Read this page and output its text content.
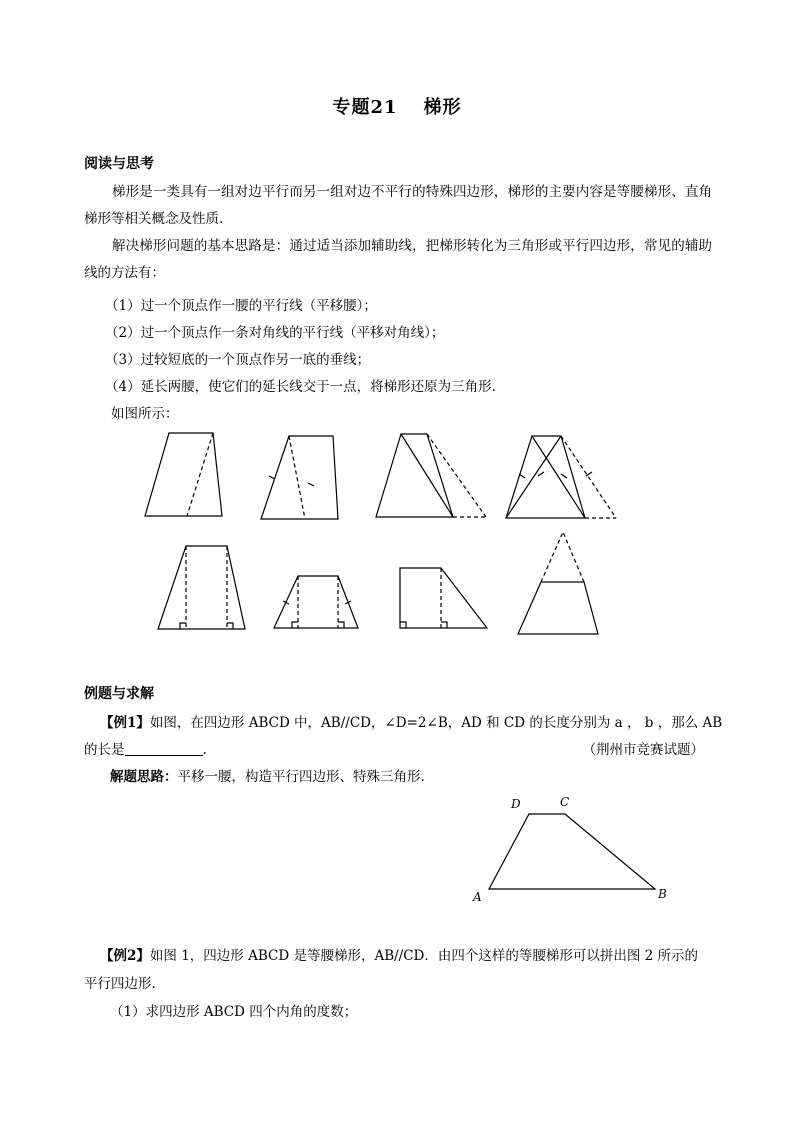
专题21 梯形
阅读与思考
梯形是一类具有一组对边平行而另一组对边不平行的特殊四边形，梯形的主要内容是等腰梯形、直角梯形等相关概念及性质.
解决梯形问题的基本思路是：通过适当添加辅助线，把梯形转化为三角形或平行四边形，常见的辅助线的方法有：
（1）过一个顶点作一腰的平行线（平移腰）；
（2）过一个顶点作一条对角线的平行线（平移对角线）；
（3）过较短底的一个顶点作另一底的垂线；
（4）延长两腰，使它们的延长线交于一点，将梯形还原为三角形.
如图所示：
例题与求解
【例1】如图，在四边形 ABCD 中，AB//CD，∠D=2∠B，AD 和 CD 的长度分别为 a ， b ，那么 AB
的长是	.	（荆州市竞赛试题）
解题思路：平移一腰，构造平行四边形、特殊三角形.
D	C
A	B
【例2】如图 1，四边形 ABCD 是等腰梯形，AB//CD．由四个这样的等腰梯形可以拼出图 2 所示的
平行四边形.
（1）求四边形 ABCD 四个内角的度数；
